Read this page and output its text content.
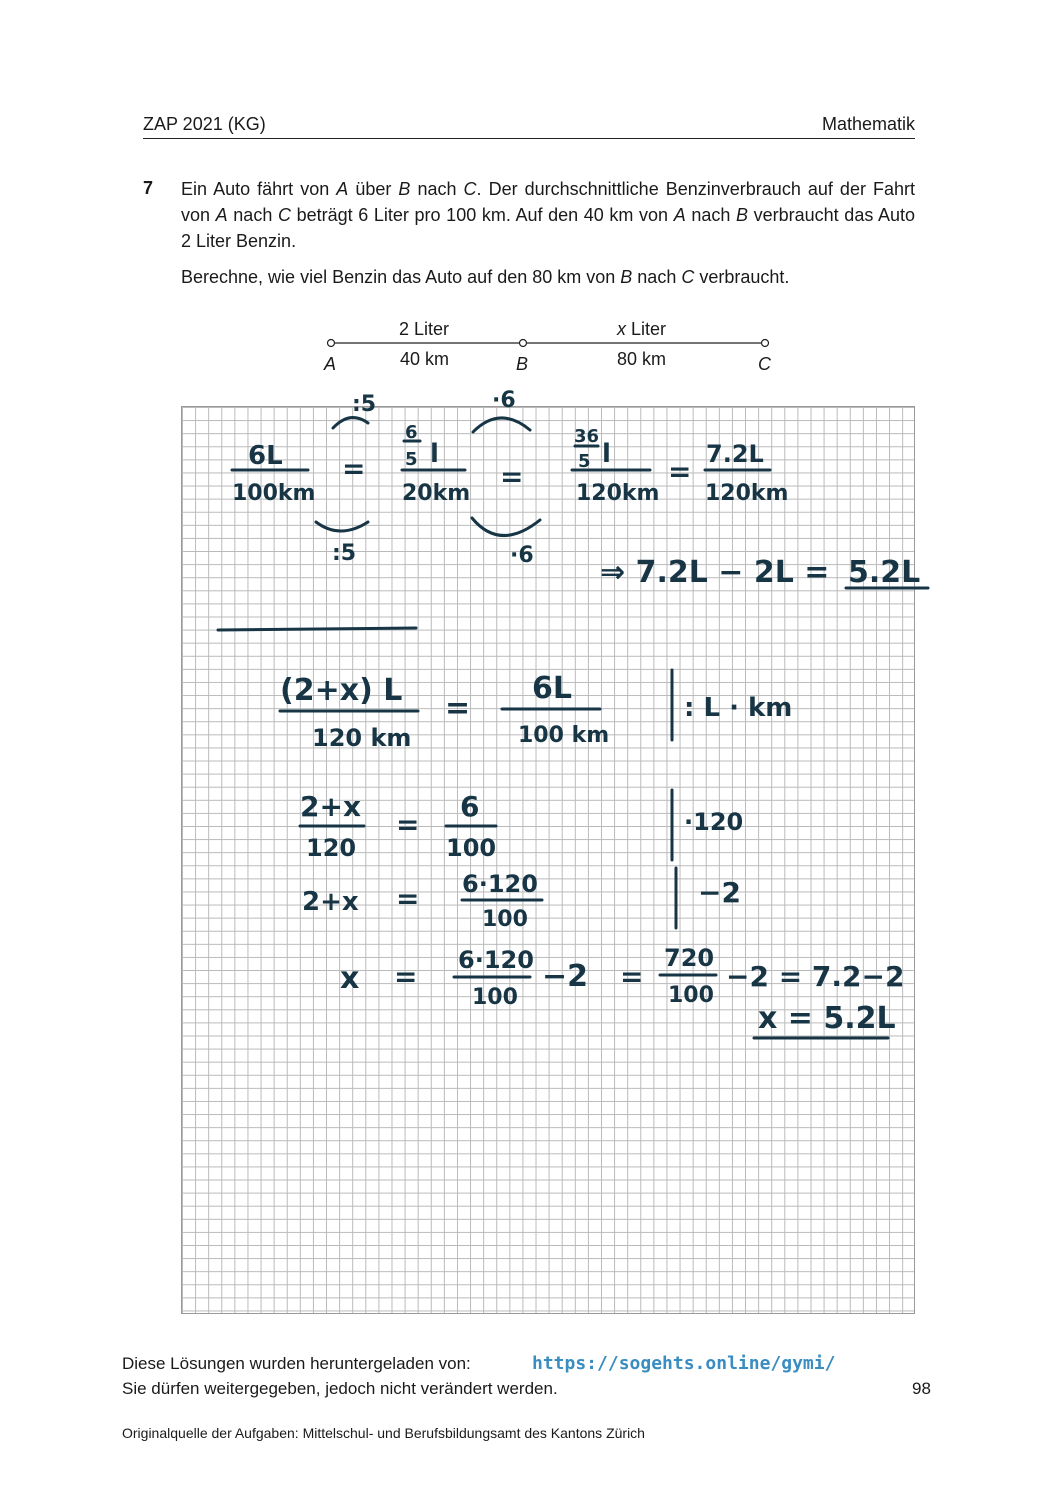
ZAP 2021 (KG)	Mathematik
7 Ein Auto fährt von A über B nach C. Der durchschnittliche Benzinverbrauch auf der Fahrt von A nach C beträgt 6 Liter pro 100 km. Auf den 40 km von A nach B verbraucht das Auto 2 Liter Benzin.
Berechne, wie viel Benzin das Auto auf den 80 km von B nach C verbraucht.
2 Liter
40 km
x Liter
80 km
A	B	C
:5	·6
:5	·6
6L
100km
=
6
5 l
20km
=
36
5 l
120km
=
7.2L
120km
⇒ 7.2L − 2L = 5.2L
(2+x) L
120 km
=
6L
100 km
: L · km
2+x
120
=
6
100
·120
2+x = 6·120
100
−2
x = 6·120
100
−2 =
720
100
−2 = 7.2−2
x = 5.2L
Diese Lösungen wurden heruntergeladen von:	https://sogehts.online/gymi/
Sie dürfen weitergegeben, jedoch nicht verändert werden.	98
Originalquelle der Aufgaben: Mittelschul- und Berufsbildungsamt des Kantons Zürich
